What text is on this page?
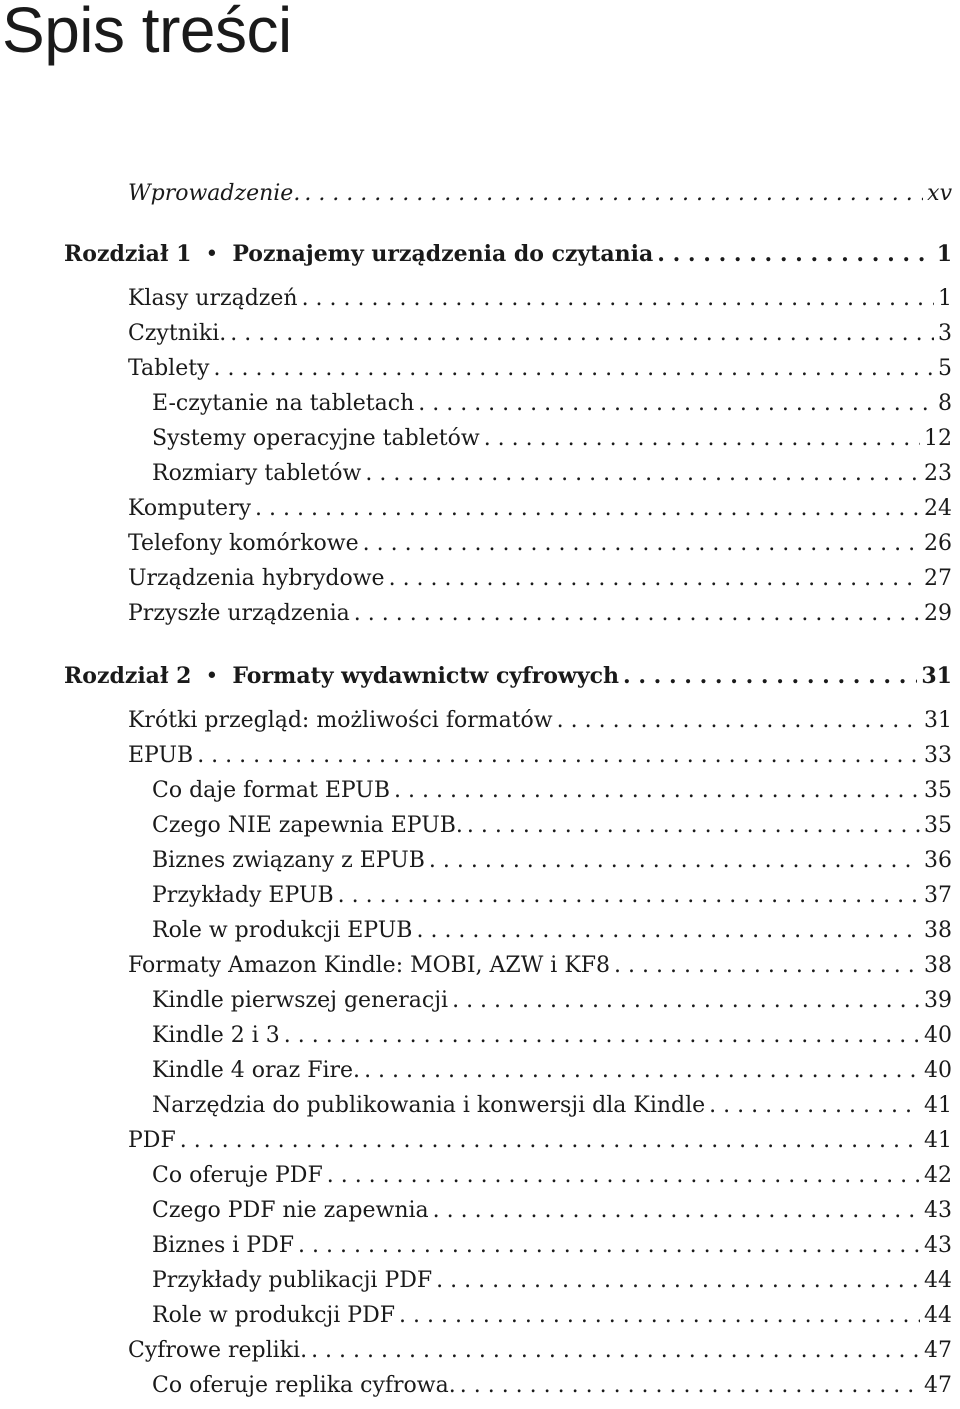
Spis treści
Wprowadzenie. . . .	xv
Rozdział 1 • Poznajemy urządzenia do czytania . . .	1
Klasy urządzeń . . .	1
Czytniki. . . .	3
Tablety . . .	5
E-czytanie na tabletach . . .	8
Systemy operacyjne tabletów . . .	12
Rozmiary tabletów . . .	23
Komputery . . .	24
Telefony komórkowe . . .	26
Urządzenia hybrydowe . . .	27
Przyszłe urządzenia . . .	29
Rozdział 2 • Formaty wydawnictw cyfrowych . . .	31
Krótki przegląd: możliwości formatów . . .	31
EPUB . . .	33
Co daje format EPUB . . .	35
Czego NIE zapewnia EPUB. . . .	35
Biznes związany z EPUB . . .	36
Przykłady EPUB . . .	37
Role w produkcji EPUB . . .	38
Formaty Amazon Kindle: MOBI, AZW i KF8 . . .	38
Kindle pierwszej generacji . . .	39
Kindle 2 i 3 . . .	40
Kindle 4 oraz Fire. . . .	40
Narzędzia do publikowania i konwersji dla Kindle . . .	41
PDF . . .	41
Co oferuje PDF . . .	42
Czego PDF nie zapewnia . . .	43
Biznes i PDF . . .	43
Przykłady publikacji PDF . . .	44
Role w produkcji PDF . . .	44
Cyfrowe repliki. . . .	47
Co oferuje replika cyfrowa. . . .	47
